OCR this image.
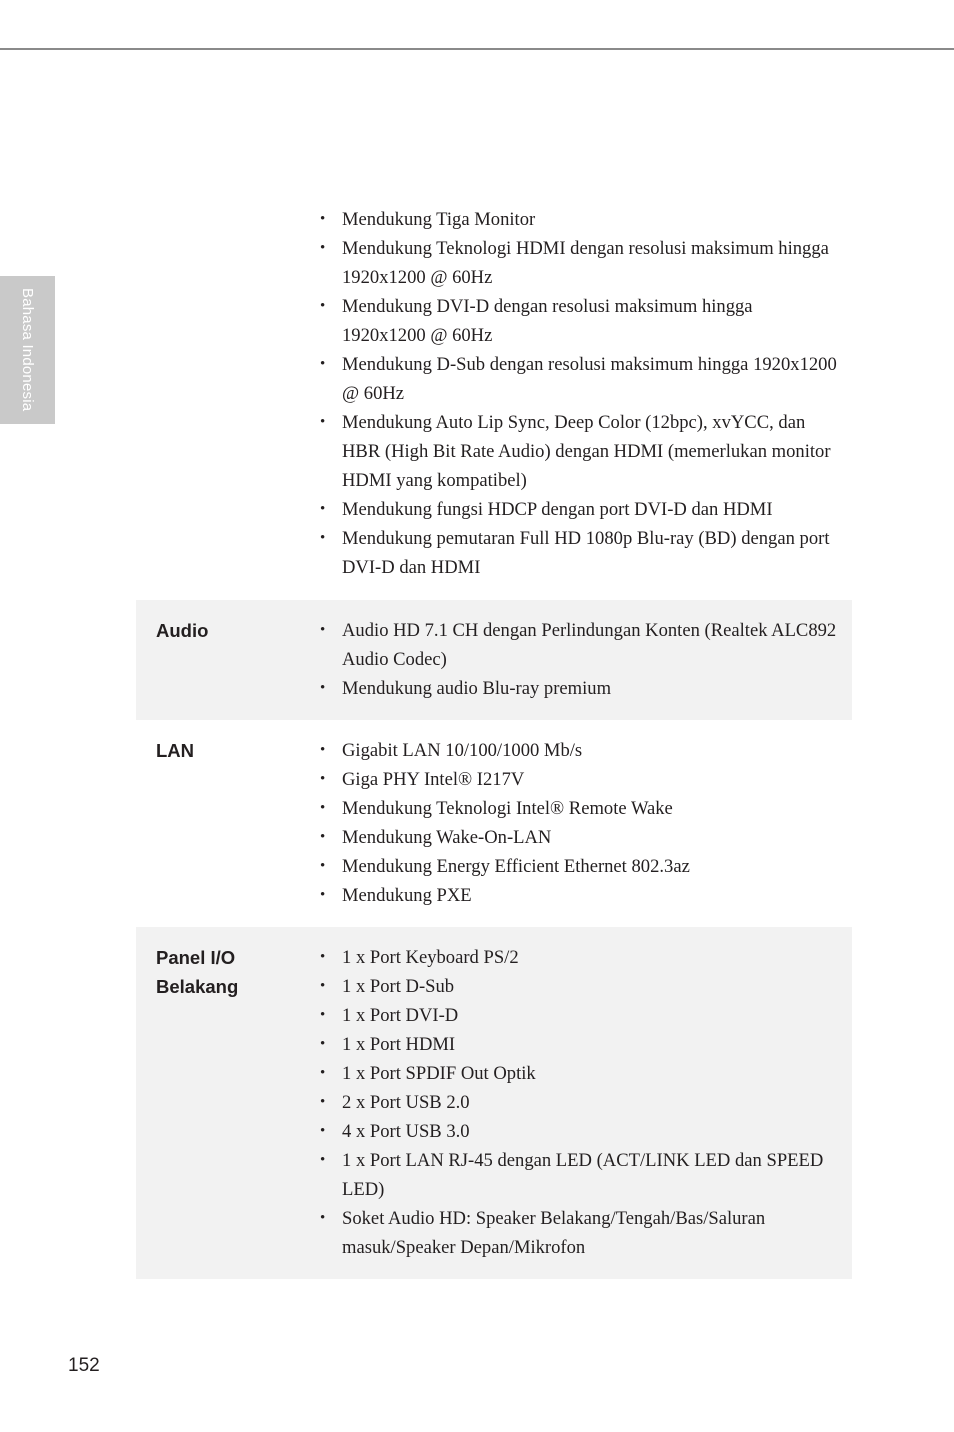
Bahasa Indonesia
• Mendukung Tiga Monitor
• Mendukung Teknologi HDMI dengan resolusi maksimum hingga 1920x1200 @ 60Hz
• Mendukung DVI-D dengan resolusi maksimum hingga 1920x1200 @ 60Hz
• Mendukung D-Sub dengan resolusi maksimum hingga 1920x1200 @ 60Hz
• Mendukung Auto Lip Sync, Deep Color (12bpc), xvYCC, dan HBR (High Bit Rate Audio) dengan HDMI (memerlukan monitor HDMI yang kompatibel)
• Mendukung fungsi HDCP dengan port DVI-D dan HDMI
• Mendukung pemutaran Full HD 1080p Blu-ray (BD) dengan port DVI-D dan HDMI
Audio	• Audio HD 7.1 CH dengan Perlindungan Konten (Realtek ALC892 Audio Codec)
• Mendukung audio Blu-ray premium
LAN	• Gigabit LAN 10/100/1000 Mb/s
• Giga PHY Intel® I217V
• Mendukung Teknologi Intel® Remote Wake
• Mendukung Wake-On-LAN
• Mendukung Energy Efficient Ethernet 802.3az
• Mendukung PXE
Panel I/O
Belakang
• 1 x Port Keyboard PS/2
• 1 x Port D-Sub
• 1 x Port DVI-D
• 1 x Port HDMI
• 1 x Port SPDIF Out Optik
• 2 x Port USB 2.0
• 4 x Port USB 3.0
• 1 x Port LAN RJ-45 dengan LED (ACT/LINK LED dan SPEED LED)
• Soket Audio HD: Speaker Belakang/Tengah/Bas/Saluran masuk/Speaker Depan/Mikrofon
152
